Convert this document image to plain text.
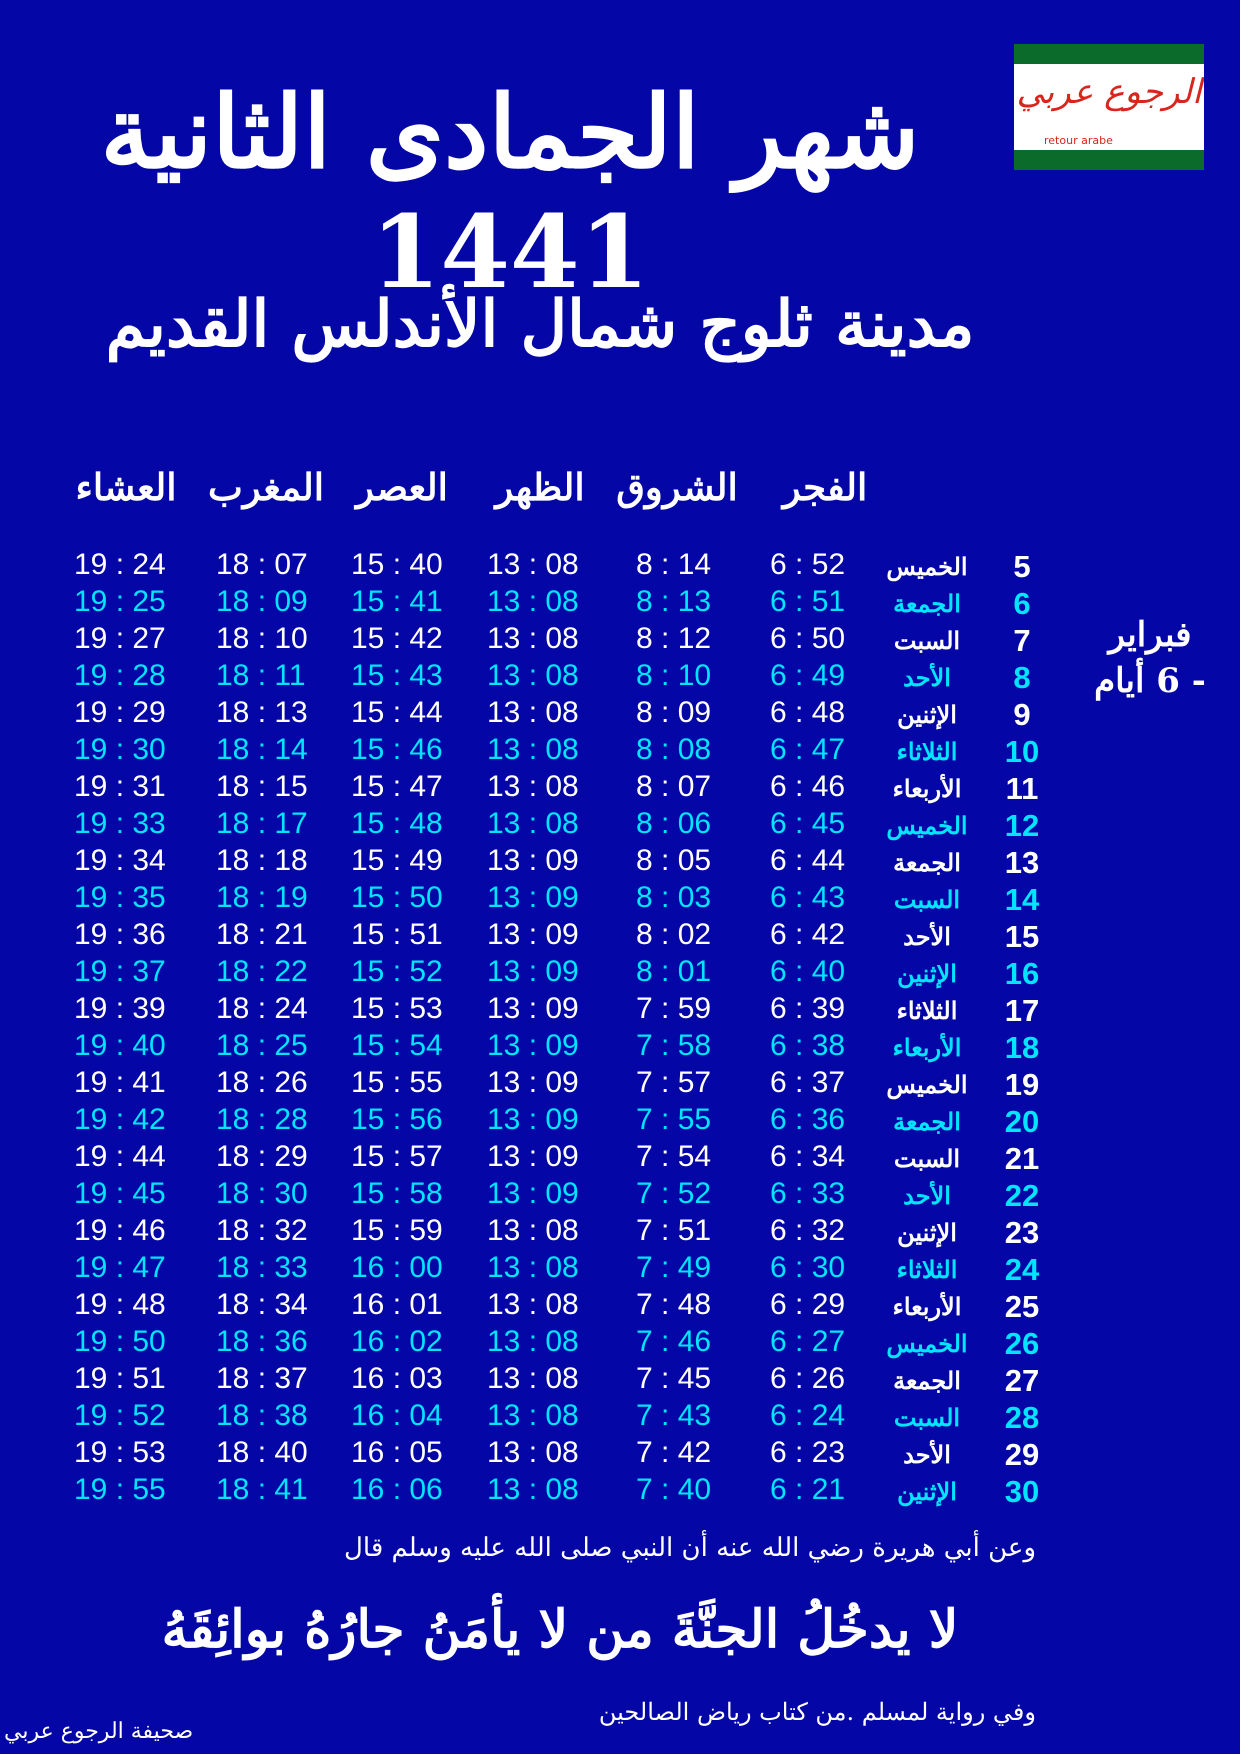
الرجوع عربي
retour arabe
شهر الجمادى الثانية 1441
مدينة ثلوج شمال الأندلس القديم
الفجر
الشروق
الظهر
العصر
المغرب
العشاء
فبراير
- 6 أيام
5
الخميس
6 : 52
8 : 14
13 : 08
15 : 40
18 : 07
19 : 24
6
الجمعة
6 : 51
8 : 13
13 : 08
15 : 41
18 : 09
19 : 25
7
السبت
6 : 50
8 : 12
13 : 08
15 : 42
18 : 10
19 : 27
8
الأحد
6 : 49
8 : 10
13 : 08
15 : 43
18 : 11
19 : 28
9
الإثنين
6 : 48
8 : 09
13 : 08
15 : 44
18 : 13
19 : 29
10
الثلاثاء
6 : 47
8 : 08
13 : 08
15 : 46
18 : 14
19 : 30
11
الأربعاء
6 : 46
8 : 07
13 : 08
15 : 47
18 : 15
19 : 31
12
الخميس
6 : 45
8 : 06
13 : 08
15 : 48
18 : 17
19 : 33
13
الجمعة
6 : 44
8 : 05
13 : 09
15 : 49
18 : 18
19 : 34
14
السبت
6 : 43
8 : 03
13 : 09
15 : 50
18 : 19
19 : 35
15
الأحد
6 : 42
8 : 02
13 : 09
15 : 51
18 : 21
19 : 36
16
الإثنين
6 : 40
8 : 01
13 : 09
15 : 52
18 : 22
19 : 37
17
الثلاثاء
6 : 39
7 : 59
13 : 09
15 : 53
18 : 24
19 : 39
18
الأربعاء
6 : 38
7 : 58
13 : 09
15 : 54
18 : 25
19 : 40
19
الخميس
6 : 37
7 : 57
13 : 09
15 : 55
18 : 26
19 : 41
20
الجمعة
6 : 36
7 : 55
13 : 09
15 : 56
18 : 28
19 : 42
21
السبت
6 : 34
7 : 54
13 : 09
15 : 57
18 : 29
19 : 44
22
الأحد
6 : 33
7 : 52
13 : 09
15 : 58
18 : 30
19 : 45
23
الإثنين
6 : 32
7 : 51
13 : 08
15 : 59
18 : 32
19 : 46
24
الثلاثاء
6 : 30
7 : 49
13 : 08
16 : 00
18 : 33
19 : 47
25
الأربعاء
6 : 29
7 : 48
13 : 08
16 : 01
18 : 34
19 : 48
26
الخميس
6 : 27
7 : 46
13 : 08
16 : 02
18 : 36
19 : 50
27
الجمعة
6 : 26
7 : 45
13 : 08
16 : 03
18 : 37
19 : 51
28
السبت
6 : 24
7 : 43
13 : 08
16 : 04
18 : 38
19 : 52
29
الأحد
6 : 23
7 : 42
13 : 08
16 : 05
18 : 40
19 : 53
30
الإثنين
6 : 21
7 : 40
13 : 08
16 : 06
18 : 41
19 : 55
وعن أبي هريرة رضي الله عنه أن النبي صلى الله عليه وسلم قال
لا يدخُلُ الجنَّةَ من لا يأمَنُ جارُهُ بوائِقَهُ
وفي رواية لمسلم .من كتاب رياض الصالحين
صحيفة الرجوع عربي
